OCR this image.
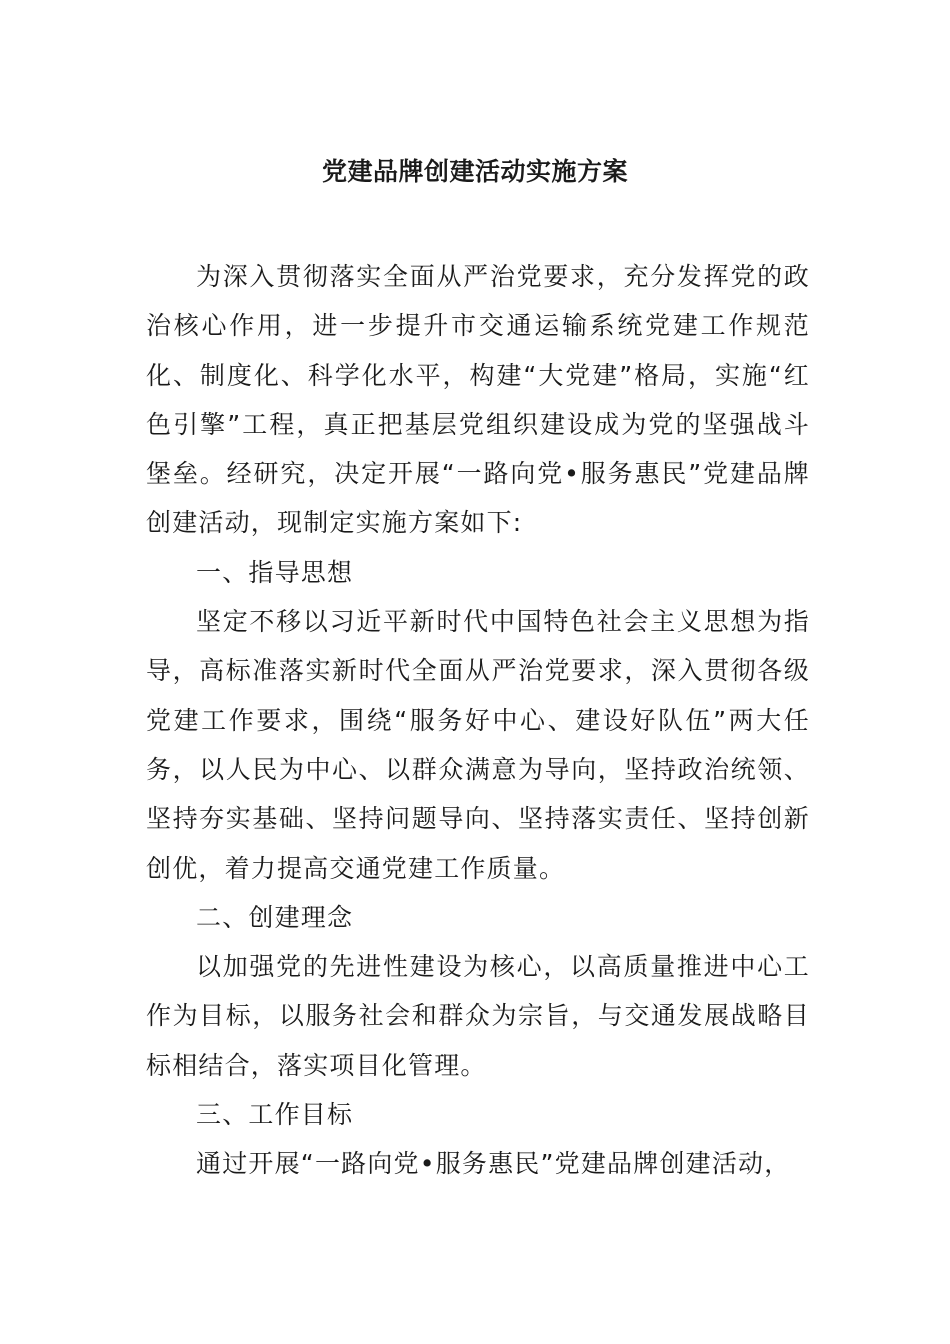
党建品牌创建活动实施方案

为深入贯彻落实全面从严治党要求，充分发挥党的政治核心作用，进一步提升市交通运输系统党建工作规范化、制度化、科学化水平，构建“大党建”格局，实施“红色引擎”工程，真正把基层党组织建设成为党的坚强战斗堡垒。经研究，决定开展“一路向党•服务惠民”党建品牌创建活动，现制定实施方案如下:

一、指导思想

坚定不移以习近平新时代中国特色社会主义思想为指导，高标准落实新时代全面从严治党要求，深入贯彻各级党建工作要求，围绕“服务好中心、建设好队伍”两大任务，以人民为中心、以群众满意为导向，坚持政治统领、坚持夯实基础、坚持问题导向、坚持落实责任、坚持创新创优，着力提高交通党建工作质量。

二、创建理念

以加强党的先进性建设为核心，以高质量推进中心工作为目标，以服务社会和群众为宗旨，与交通发展战略目标相结合，落实项目化管理。

三、工作目标

通过开展“一路向党•服务惠民”党建品牌创建活动，
